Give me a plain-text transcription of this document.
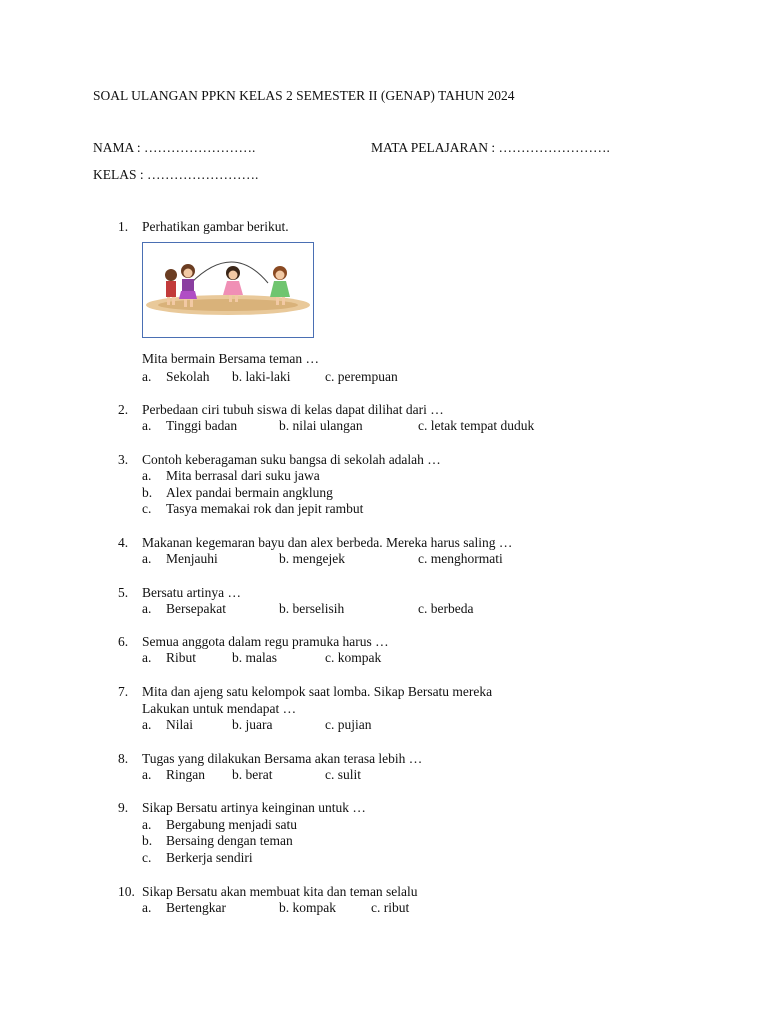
SOAL ULANGAN PPKN KELAS 2 SEMESTER II (GENAP) TAHUN 2024
NAMA : …………………….	MATA PELAJARAN : …………………….
KELAS : …………………….
1. Perhatikan gambar berikut.
Mita bermain Bersama teman …
a. Sekolah b. laki-laki	c. perempuan
2. Perbedaan ciri tubuh siswa di kelas dapat dilihat dari …
a. Tinggi badan	b. nilai ulangan	c. letak tempat duduk
3. Contoh keberagaman suku bangsa di sekolah adalah …
a. Mita berrasal dari suku jawa
b. Alex pandai bermain angklung
c. Tasya memakai rok dan jepit rambut
4. Makanan kegemaran bayu dan alex berbeda. Mereka harus saling …
a. Menjauhi	b. mengejek	c. menghormati
5. Bersatu artinya …
a. Bersepakat	b. berselisih	c. berbeda
6. Semua anggota dalam regu pramuka harus …
a. Ribut	b. malas	c. kompak
7. Mita dan ajeng satu kelompok saat lomba. Sikap Bersatu mereka
Lakukan untuk mendapat …
a. Nilai	b. juara	c. pujian
8. Tugas yang dilakukan Bersama akan terasa lebih …
a. Ringan b. berat	c. sulit
9. Sikap Bersatu artinya keinginan untuk …
a. Bergabung menjadi satu
b. Bersaing dengan teman
c. Berkerja sendiri
10. Sikap Bersatu akan membuat kita dan teman selalu
a. Bertengkar	b. kompak	c. ribut
